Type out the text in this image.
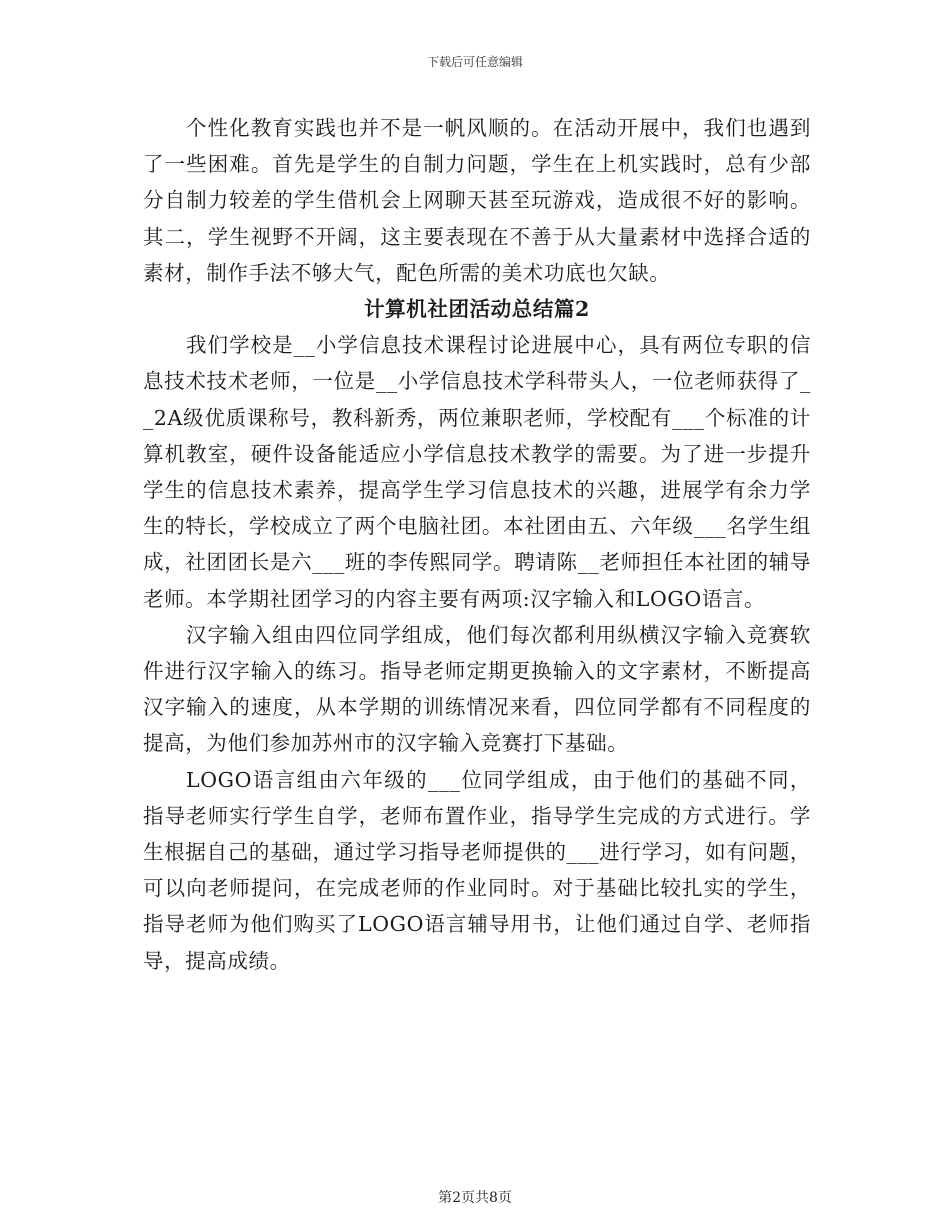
下载后可任意编辑

个性化教育实践也并不是一帆风顺的。在活动开展中，我们也遇到了一些困难。首先是学生的自制力问题，学生在上机实践时，总有少部分自制力较差的学生借机会上网聊天甚至玩游戏，造成很不好的影响。其二，学生视野不开阔，这主要表现在不善于从大量素材中选择合适的素材，制作手法不够大气，配色所需的美术功底也欠缺。

计算机社团活动总结篇2

我们学校是__小学信息技术课程讨论进展中心，具有两位专职的信息技术技术老师，一位是__小学信息技术学科带头人，一位老师获得了__2A级优质课称号，教科新秀，两位兼职老师，学校配有___个标准的计算机教室，硬件设备能适应小学信息技术教学的需要。为了进一步提升学生的信息技术素养，提高学生学习信息技术的兴趣，进展学有余力学生的特长，学校成立了两个电脑社团。本社团由五、六年级___名学生组成，社团团长是六___班的李传熙同学。聘请陈__老师担任本社团的辅导老师。本学期社团学习的内容主要有两项:汉字输入和LOGO语言。

汉字输入组由四位同学组成，他们每次都利用纵横汉字输入竞赛软件进行汉字输入的练习。指导老师定期更换输入的文字素材，不断提高汉字输入的速度，从本学期的训练情况来看，四位同学都有不同程度的提高，为他们参加苏州市的汉字输入竞赛打下基础。

LOGO语言组由六年级的___位同学组成，由于他们的基础不同，指导老师实行学生自学，老师布置作业，指导学生完成的方式进行。学生根据自己的基础，通过学习指导老师提供的___进行学习，如有问题，可以向老师提问，在完成老师的作业同时。对于基础比较扎实的学生，指导老师为他们购买了LOGO语言辅导用书，让他们通过自学、老师指导，提高成绩。

第2页共8页
